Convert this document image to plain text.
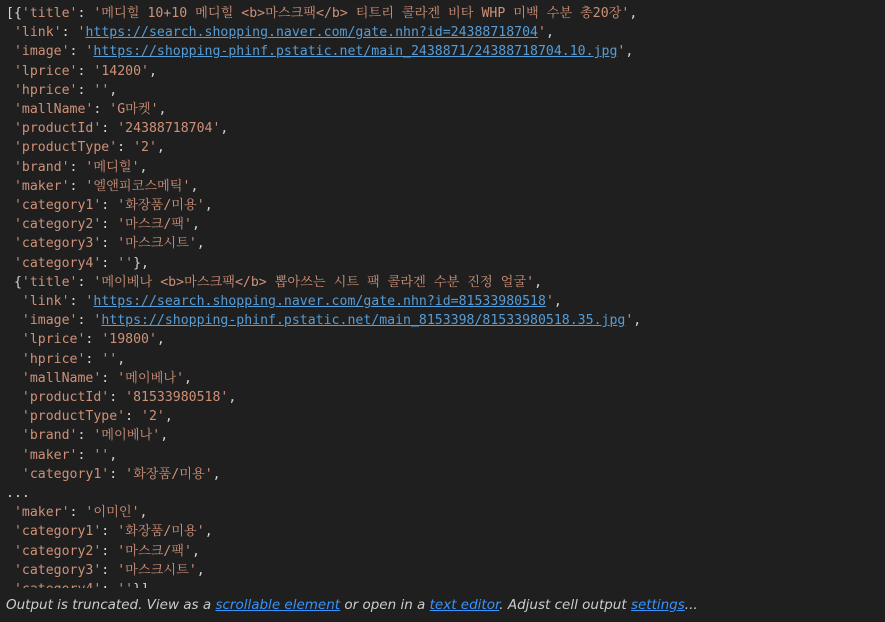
[{'title': '메디힐 10+10 메디힐 <b>마스크팩</b> 티트리 콜라겐 비타 WHP 미백 수분 총20장',
'link': 'https://search.shopping.naver.com/gate.nhn?id=24388718704',
'image': 'https://shopping-phinf.pstatic.net/main_2438871/24388718704.10.jpg',
'lprice': '14200',
'hprice': '',
'mallName': 'G마켓',
'productId': '24388718704',
'productType': '2',
'brand': '메디힐',
'maker': '엘앤피코스메틱',
'category1': '화장품/미용',
'category2': '마스크/팩',
'category3': '마스크시트',
'category4': ''},
{'title': '메이베나 <b>마스크팩</b> 뽑아쓰는 시트 팩 콜라겐 수분 진정 얼굴',
'link': 'https://search.shopping.naver.com/gate.nhn?id=81533980518',
'image': 'https://shopping-phinf.pstatic.net/main_8153398/81533980518.35.jpg',
'lprice': '19800',
'hprice': '',
'mallName': '메이베나',
'productId': '81533980518',
'productType': '2',
'brand': '메이베나',
'maker': '',
'category1': '화장품/미용',
...
'maker': '이미인',
'category1': '화장품/미용',
'category2': '마스크/팩',
'category3': '마스크시트',

Output is truncated. View as a scrollable element or open in a text editor. Adjust cell output settings...
